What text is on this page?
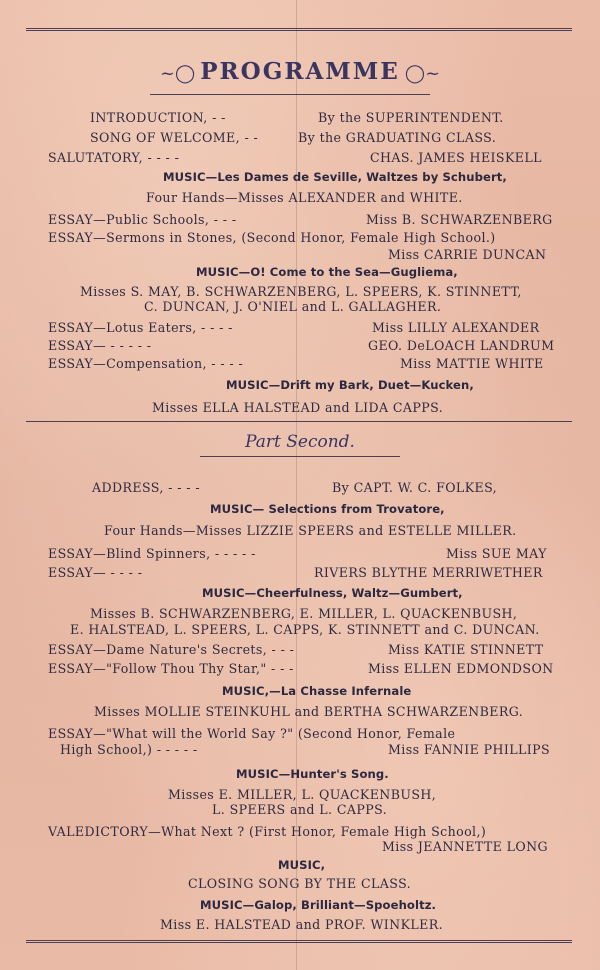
~◯ PROGRAMME ◯~
INTRODUCTION, - -	By the SUPERINTENDENT.
SONG OF WELCOME, - -	By the GRADUATING CLASS.
SALUTATORY, - - - -	CHAS. JAMES HEISKELL
MUSIC—Les Dames de Seville, Waltzes by Schubert,
Four Hands—Misses ALEXANDER and WHITE.
ESSAY—Public Schools, - - -	Miss B. SCHWARZENBERG
ESSAY—Sermons in Stones, (Second Honor, Female High School.)
Miss CARRIE DUNCAN
MUSIC—O! Come to the Sea—Gugliema,
Misses S. MAY, B. SCHWARZENBERG, L. SPEERS, K. STINNETT,
C. DUNCAN, J. O'NIEL and L. GALLAGHER.
ESSAY—Lotus Eaters, - - - -	Miss LILLY ALEXANDER
ESSAY— - - - - -	GEO. DeLOACH LANDRUM
ESSAY—Compensation, - - - -	Miss MATTIE WHITE
MUSIC—Drift my Bark, Duet—Kucken,
Misses ELLA HALSTEAD and LIDA CAPPS.
Part Second.
ADDRESS, - - - -	By CAPT. W. C. FOLKES,
MUSIC— Selections from Trovatore,
Four Hands—Misses LIZZIE SPEERS and ESTELLE MILLER.
ESSAY—Blind Spinners, - - - - -	Miss SUE MAY
ESSAY— - - - -	RIVERS BLYTHE MERRIWETHER
MUSIC—Cheerfulness, Waltz—Gumbert,
Misses B. SCHWARZENBERG, E. MILLER, L. QUACKENBUSH,
E. HALSTEAD, L. SPEERS, L. CAPPS, K. STINNETT and C. DUNCAN.
ESSAY—Dame Nature's Secrets, - - -	Miss KATIE STINNETT
ESSAY—"Follow Thou Thy Star," - - -	Miss ELLEN EDMONDSON
MUSIC,—La Chasse Infernale
Misses MOLLIE STEINKUHL and BERTHA SCHWARZENBERG.
ESSAY—"What will the World Say ?" (Second Honor, Female
High School,) - - - - -	Miss FANNIE PHILLIPS
MUSIC—Hunter's Song.
Misses E. MILLER, L. QUACKENBUSH,
L. SPEERS and L. CAPPS.
VALEDICTORY—What Next ? (First Honor, Female High School,)
Miss JEANNETTE LONG
MUSIC,
CLOSING SONG BY THE CLASS.
MUSIC—Galop, Brilliant—Spoeholtz.
Miss E. HALSTEAD and PROF. WINKLER.
